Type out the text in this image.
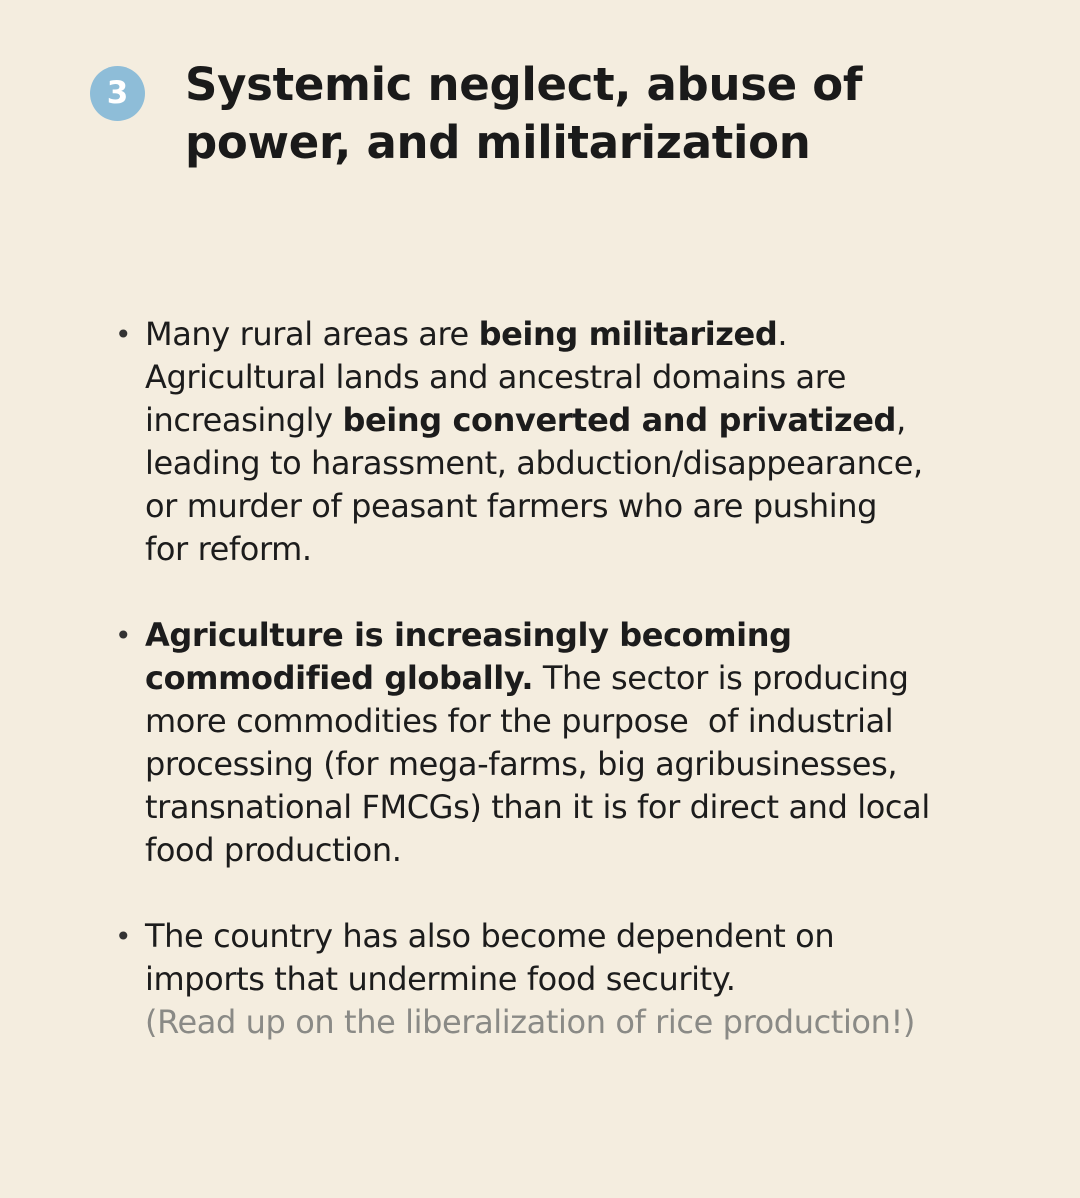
3	Systemic neglect, abuse of
power, and militarization
• Many rural areas are being militarized.
Agricultural lands and ancestral domains are
increasingly being converted and privatized,
leading to harassment, abduction/disappearance,
or murder of peasant farmers who are pushing
for reform.
• Agriculture is increasingly becoming
commodified globally. The sector is producing
more commodities for the purpose  of industrial
processing (for mega-farms, big agribusinesses,
transnational FMCGs) than it is for direct and local
food production.
• The country has also become dependent on
imports that undermine food security.
(Read up on the liberalization of rice production!)
